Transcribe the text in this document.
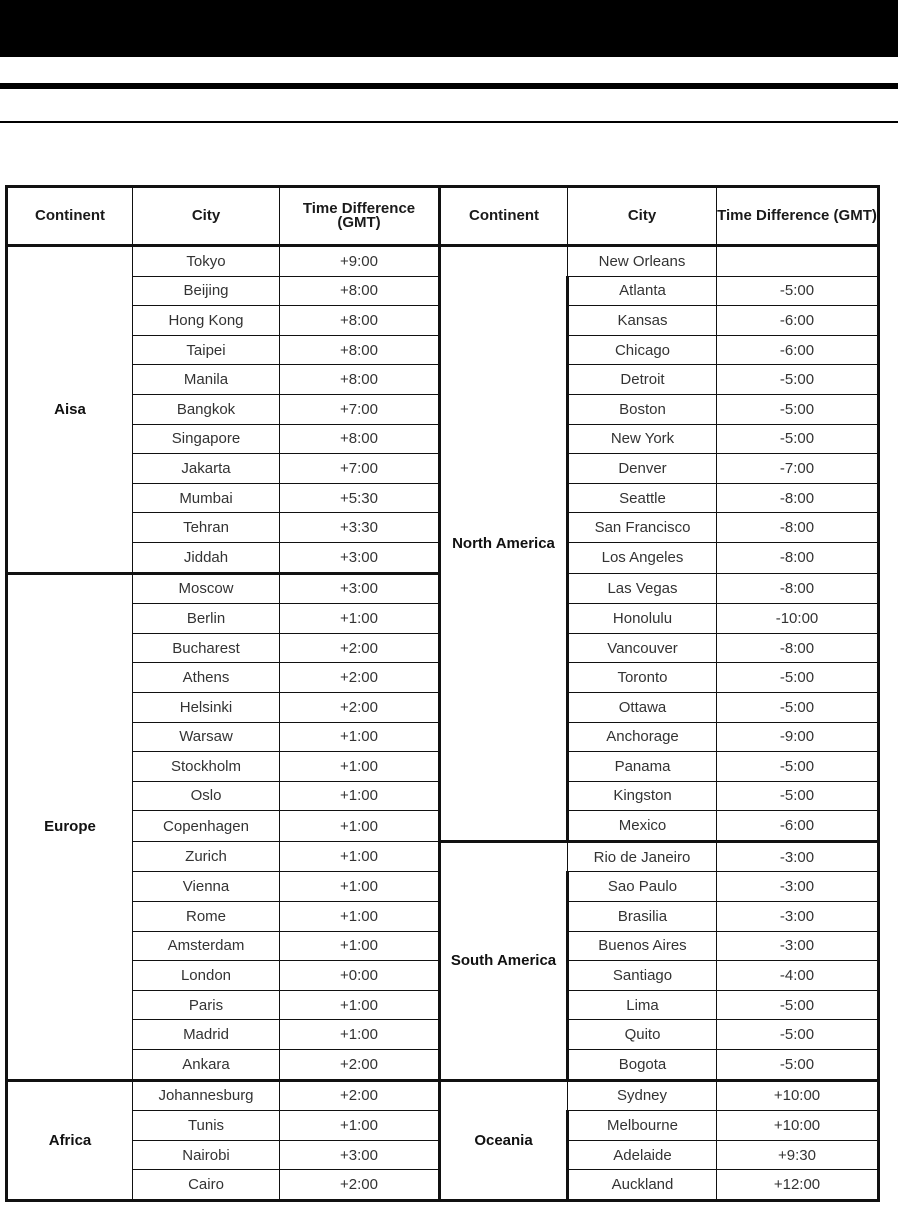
Continent	City	Time Difference (GMT)	Continent	City	Time Difference (GMT)
Aisa	Tokyo	+9:00	North America	New Orleans	
	Beijing	+8:00		Atlanta	-5:00
	Hong Kong	+8:00		Kansas	-6:00
	Taipei	+8:00		Chicago	-6:00
	Manila	+8:00		Detroit	-5:00
	Bangkok	+7:00		Boston	-5:00
	Singapore	+8:00		New York	-5:00
	Jakarta	+7:00		Denver	-7:00
	Mumbai	+5:30		Seattle	-8:00
	Tehran	+3:30		San Francisco	-8:00
	Jiddah	+3:00		Los Angeles	-8:00
Europe	Moscow	+3:00		Las Vegas	-8:00
	Berlin	+1:00		Honolulu	-10:00
	Bucharest	+2:00		Vancouver	-8:00
	Athens	+2:00		Toronto	-5:00
	Helsinki	+2:00		Ottawa	-5:00
	Warsaw	+1:00		Anchorage	-9:00
	Stockholm	+1:00		Panama	-5:00
	Oslo	+1:00		Kingston	-5:00
	Copenhagen	+1:00		Mexico	-6:00
	Zurich	+1:00	South America	Rio de Janeiro	-3:00
	Vienna	+1:00		Sao Paulo	-3:00
	Rome	+1:00		Brasilia	-3:00
	Amsterdam	+1:00		Buenos Aires	-3:00
	London	+0:00		Santiago	-4:00
	Paris	+1:00		Lima	-5:00
	Madrid	+1:00		Quito	-5:00
	Ankara	+2:00		Bogota	-5:00
Africa	Johannesburg	+2:00	Oceania	Sydney	+10:00
	Tunis	+1:00		Melbourne	+10:00
	Nairobi	+3:00		Adelaide	+9:30
	Cairo	+2:00		Auckland	+12:00
